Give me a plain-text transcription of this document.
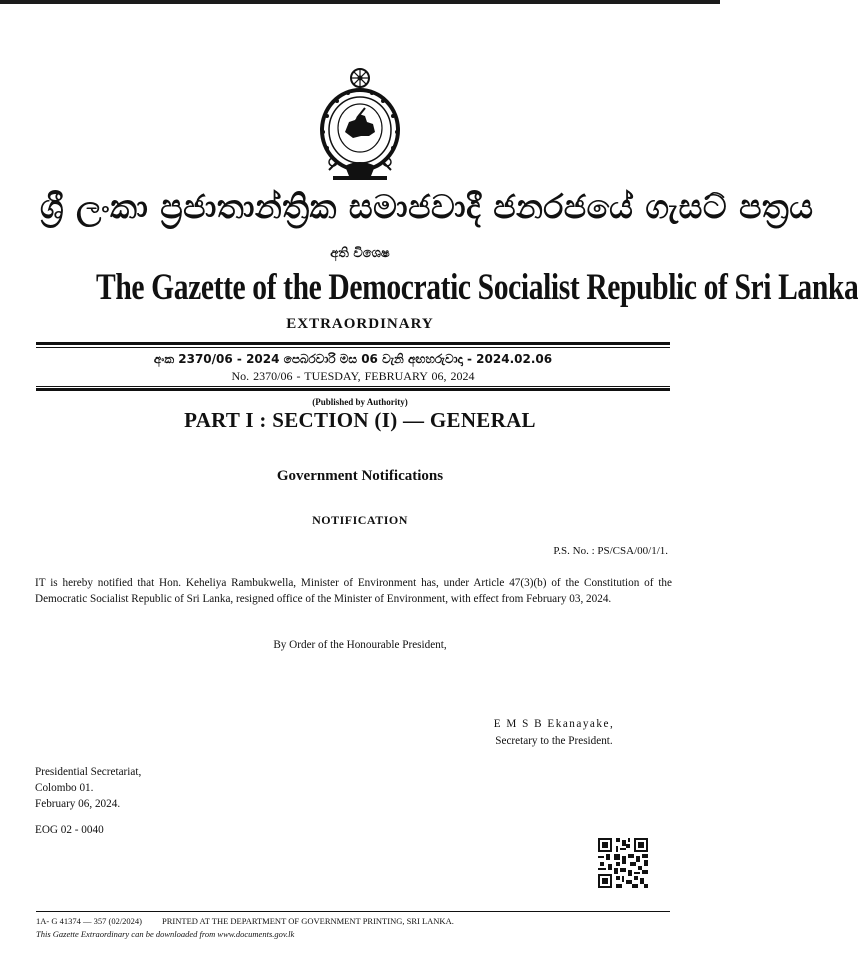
ශ්‍රී ලංකා ප්‍රජාතාන්ත්‍රික සමාජවාදී ජනරජයේ ගැසට් පත්‍රය
අති විශෙෂ
The Gazette of the Democratic Socialist Republic of Sri Lanka
EXTRAORDINARY
අංක 2370/06 - 2024 පෙබරවාරි මස 06 වැනි අඟහරුවාදා - 2024.02.06
No. 2370/06 - TUESDAY, FEBRUARY 06, 2024
(Published by Authority)
PART I : SECTION (I) — GENERAL
Government Notifications
NOTIFICATION
P.S. No. : PS/CSA/00/1/1.
IT is hereby notified that Hon. Keheliya Rambukwella, Minister of Environment has, under Article 47(3)(b) of the Constitution of the Democratic Socialist Republic of Sri Lanka, resigned office of the Minister of Environment, with effect from February 03, 2024.
By Order of the Honourable President,
E M S B Ekanayake,
Secretary to the President.
Presidential Secretariat,
Colombo 01.
February 06, 2024.
EOG 02 - 0040
1A- G 41374 — 357 (02/2024) PRINTED AT THE DEPARTMENT OF GOVERNMENT PRINTING, SRI LANKA.
This Gazette Extraordinary can be downloaded from www.documents.gov.lk
